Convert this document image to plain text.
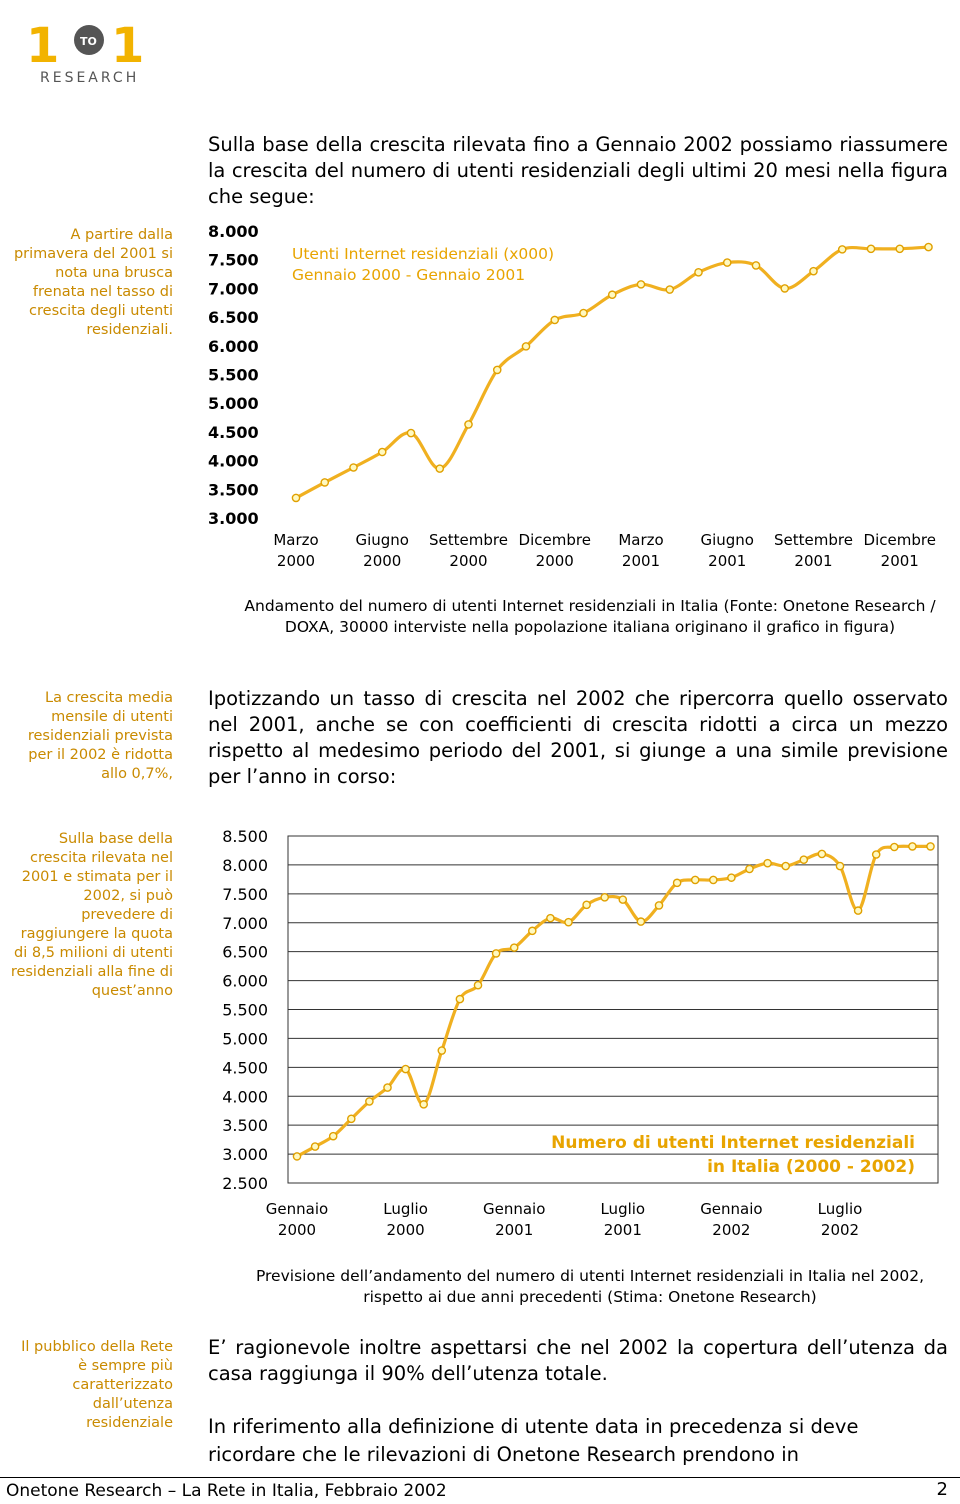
1 TO 1
RESEARCH
A partire dalla primavera del 2001 si nota una brusca frenata nel tasso di crescita degli utenti residenziali.
La crescita media mensile di utenti residenziali prevista per il 2002 è ridotta allo 0,7%,
Sulla base della crescita rilevata nel 2001 e stimata per il 2002, si può prevedere di raggiungere la quota di 8,5 milioni di utenti residenziali alla fine di quest’anno
Il pubblico della Rete è sempre più caratterizzato dall’utenza residenziale
Sulla base della crescita rilevata fino a Gennaio 2002 possiamo riassumere la crescita del numero di utenti residenziali degli ultimi 20 mesi nella figura che segue:
Ipotizzando un tasso di crescita nel 2002 che ripercorra quello osservato nel 2001, anche se con coefficienti di crescita ridotti a circa un mezzo rispetto al medesimo periodo del 2001, si giunge a una simile previsione per l’anno in corso:
E’ ragionevole inoltre aspettarsi che nel 2002 la copertura dell’utenza da casa raggiunga il 90% dell’utenza totale.
In riferimento alla definizione di utente data in precedenza si deve
ricordare che le rilevazioni di Onetone Research prendono in
8.000
7.500
7.000
6.500
6.000
5.500
5.000
4.500
4.000
3.500
3.000
Marzo
2000
Giugno
2000
Settembre
2000
Dicembre
2000
Marzo
2001
Giugno
2001
Settembre
2001
Dicembre
2001
Utenti Internet residenziali (x000)
Gennaio 2000 - Gennaio 2001
Andamento del numero di utenti Internet residenziali in Italia (Fonte: Onetone Research / DOXA, 30000 interviste nella popolazione italiana originano il grafico in figura)
8.500
8.000
7.500
7.000
6.500
6.000
5.500
5.000
4.500
4.000
3.500
3.000
2.500
Gennaio
2000
Luglio
2000
Gennaio
2001
Luglio
2001
Gennaio
2002
Luglio
2002
Numero di utenti Internet residenziali
in Italia (2000 - 2002)
Previsione dell’andamento del numero di utenti Internet residenziali in Italia nel 2002, rispetto ai due anni precedenti (Stima: Onetone Research)
Onetone Research – La Rete in Italia, Febbraio 2002	2
